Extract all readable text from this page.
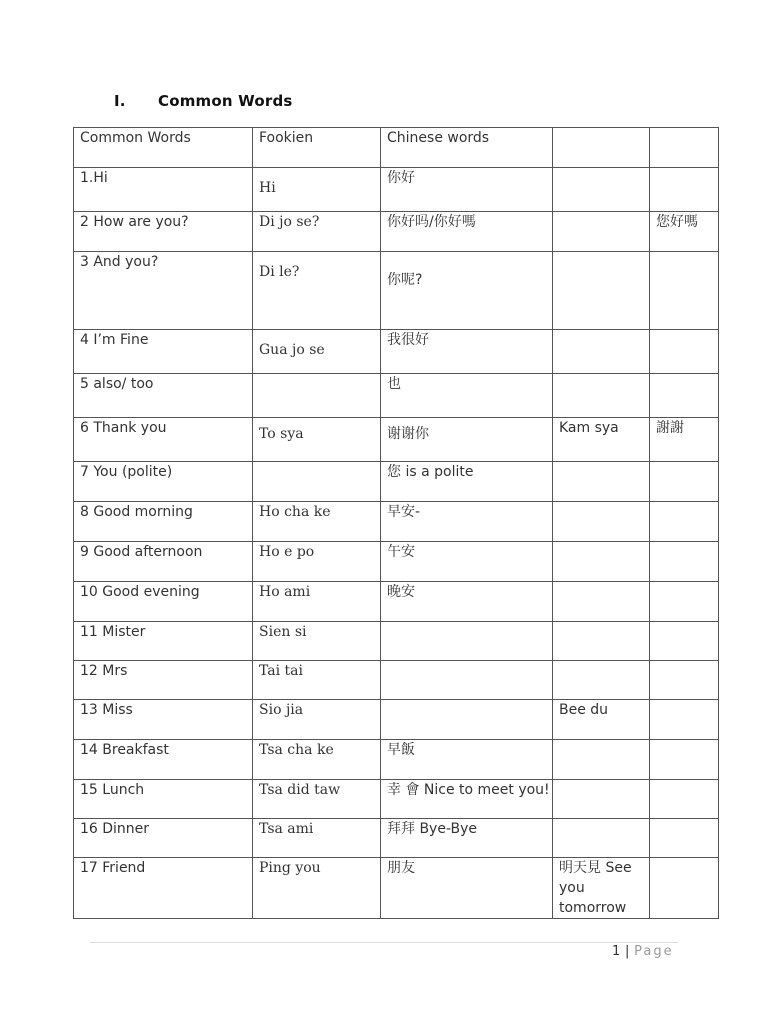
I. Common Words
Common Words	Fookien	Chinese words		
1.Hi	Hi	你好		
2 How are you?	Di jo se?	你好吗/你好嗎		您好嗎
3 And you?	Di le?	你呢?		

4 I’m Fine	Gua jo se	我很好		
5 also/ too		也		
6 Thank you	To sya	谢谢你	Kam sya	謝謝
7 You (polite)		您 is a polite		
8 Good morning	Ho cha ke	早安-		
9 Good afternoon	Ho e po	午安		
10 Good evening	Ho ami	晚安		
11 Mister	Sien si			
12 Mrs	Tai tai			
13 Miss	Sio jia		Bee du	
14 Breakfast	Tsa cha ke	早飯		
15 Lunch	Tsa did taw	幸 會 Nice to meet you!		
16 Dinner	Tsa ami	拜拜 Bye-Bye		
17 Friend	Ping you	朋友	明天見 See you tomorrow	
1 | Page
